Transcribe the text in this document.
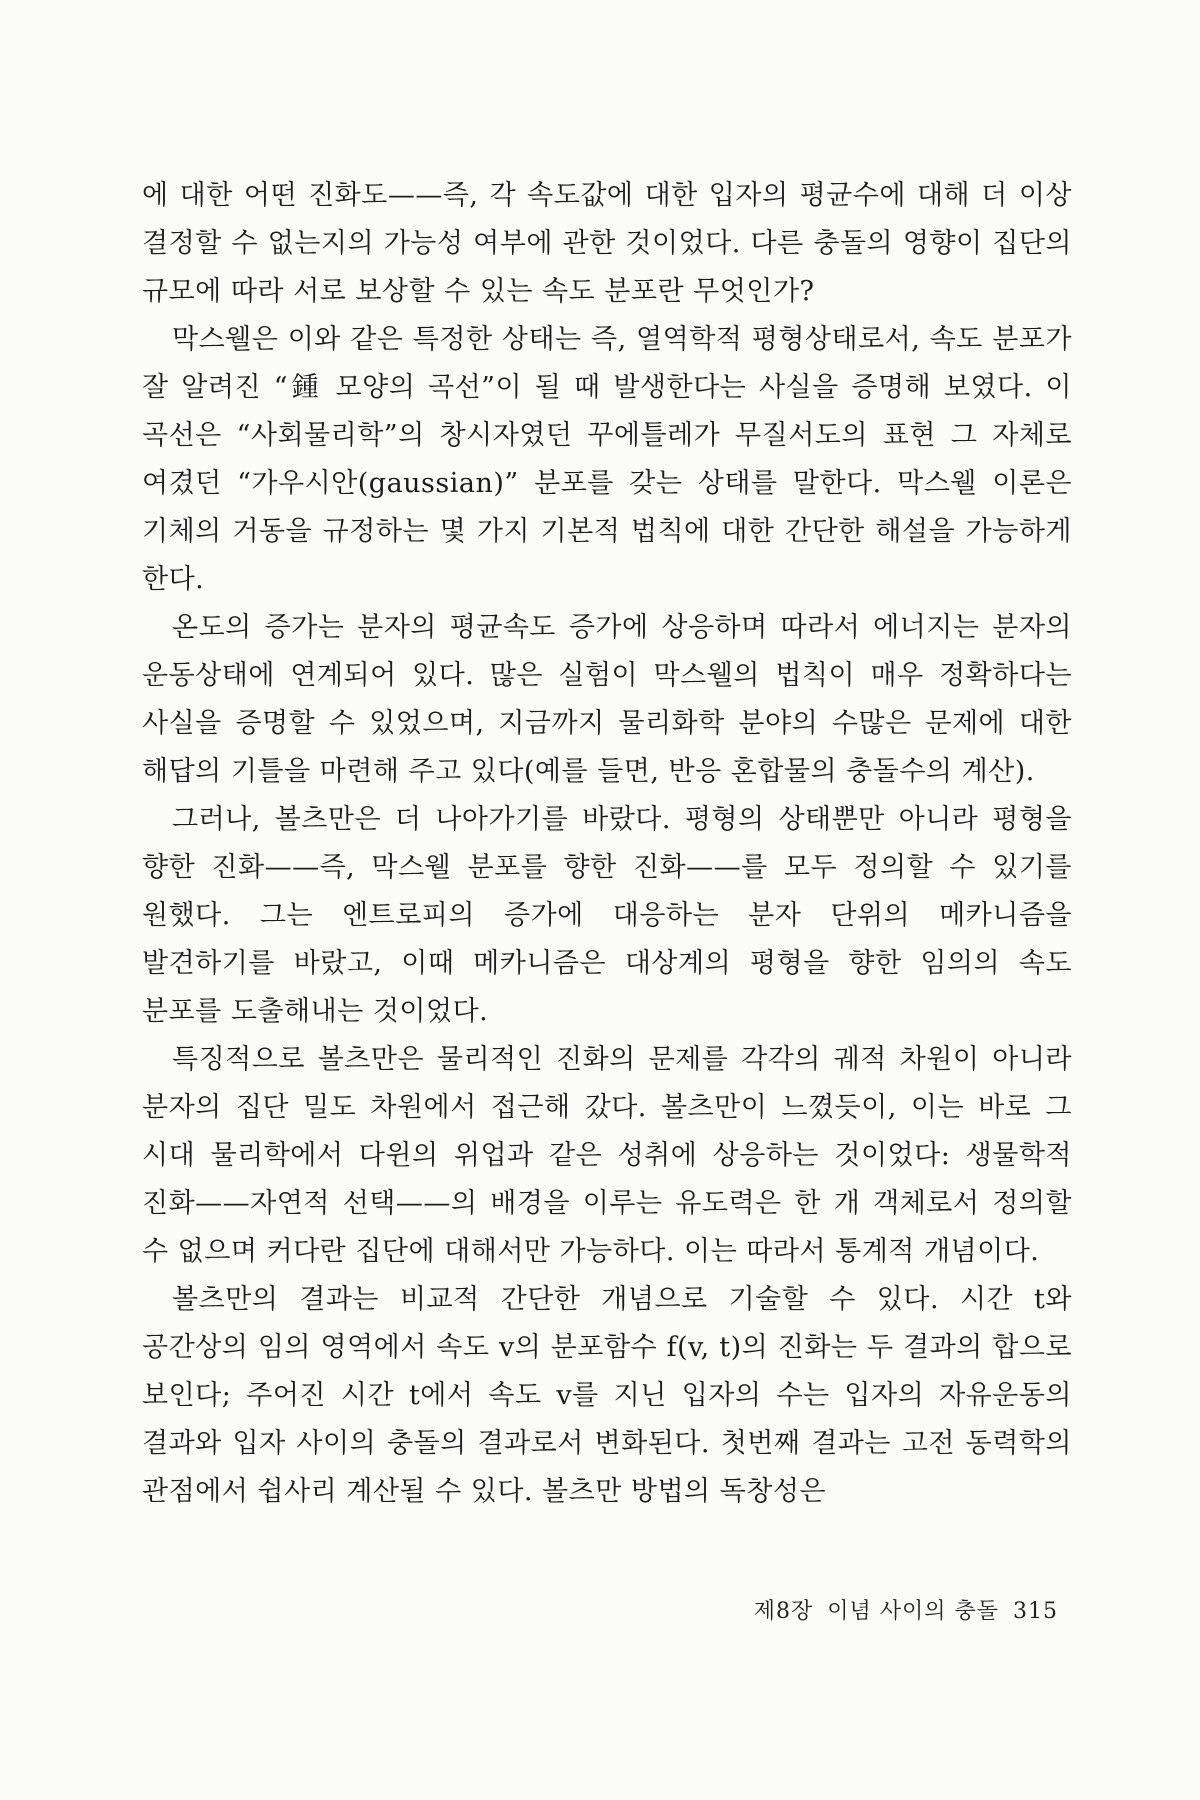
에 대한 어떤 진화도——즉, 각 속도값에 대한 입자의 평균수에 대해 더 이상 결정할 수 없는지의 가능성 여부에 관한 것이었다. 다른 충돌의 영향이 집단의 규모에 따라 서로 보상할 수 있는 속도 분포란 무엇인가?

막스웰은 이와 같은 특정한 상태는 즉, 열역학적 평형상태로서, 속도 분포가 잘 알려진 “鍾 모양의 곡선”이 될 때 발생한다는 사실을 증명해 보였다. 이 곡선은 “사회물리학”의 창시자였던 꾸에틀레가 무질서도의 표현 그 자체로 여겼던 “가우시안(gaussian)” 분포를 갖는 상태를 말한다. 막스웰 이론은 기체의 거동을 규정하는 몇 가지 기본적 법칙에 대한 간단한 해설을 가능하게 한다.

온도의 증가는 분자의 평균속도 증가에 상응하며 따라서 에너지는 분자의 운동상태에 연계되어 있다. 많은 실험이 막스웰의 법칙이 매우 정확하다는 사실을 증명할 수 있었으며, 지금까지 물리화학 분야의 수많은 문제에 대한 해답의 기틀을 마련해 주고 있다(예를 들면, 반응 혼합물의 충돌수의 계산).

그러나, 볼츠만은 더 나아가기를 바랐다. 평형의 상태뿐만 아니라 평형을 향한 진화——즉, 막스웰 분포를 향한 진화——를 모두 정의할 수 있기를 원했다. 그는 엔트로피의 증가에 대응하는 분자 단위의 메카니즘을 발견하기를 바랐고, 이때 메카니즘은 대상계의 평형을 향한 임의의 속도 분포를 도출해내는 것이었다.

특징적으로 볼츠만은 물리적인 진화의 문제를 각각의 궤적 차원이 아니라 분자의 집단 밀도 차원에서 접근해 갔다. 볼츠만이 느꼈듯이, 이는 바로 그 시대 물리학에서 다윈의 위업과 같은 성취에 상응하는 것이었다: 생물학적 진화——자연적 선택——의 배경을 이루는 유도력은 한 개 객체로서 정의할 수 없으며 커다란 집단에 대해서만 가능하다. 이는 따라서 통계적 개념이다.

볼츠만의 결과는 비교적 간단한 개념으로 기술할 수 있다. 시간 t와 공간상의 임의 영역에서 속도 v의 분포함수 f(v, t)의 진화는 두 결과의 합으로 보인다; 주어진 시간 t에서 속도 v를 지닌 입자의 수는 입자의 자유운동의 결과와 입자 사이의 충돌의 결과로서 변화된다. 첫번째 결과는 고전 동력학의 관점에서 쉽사리 계산될 수 있다. 볼츠만 방법의 독창성은

제8장 이념 사이의 충돌 315
